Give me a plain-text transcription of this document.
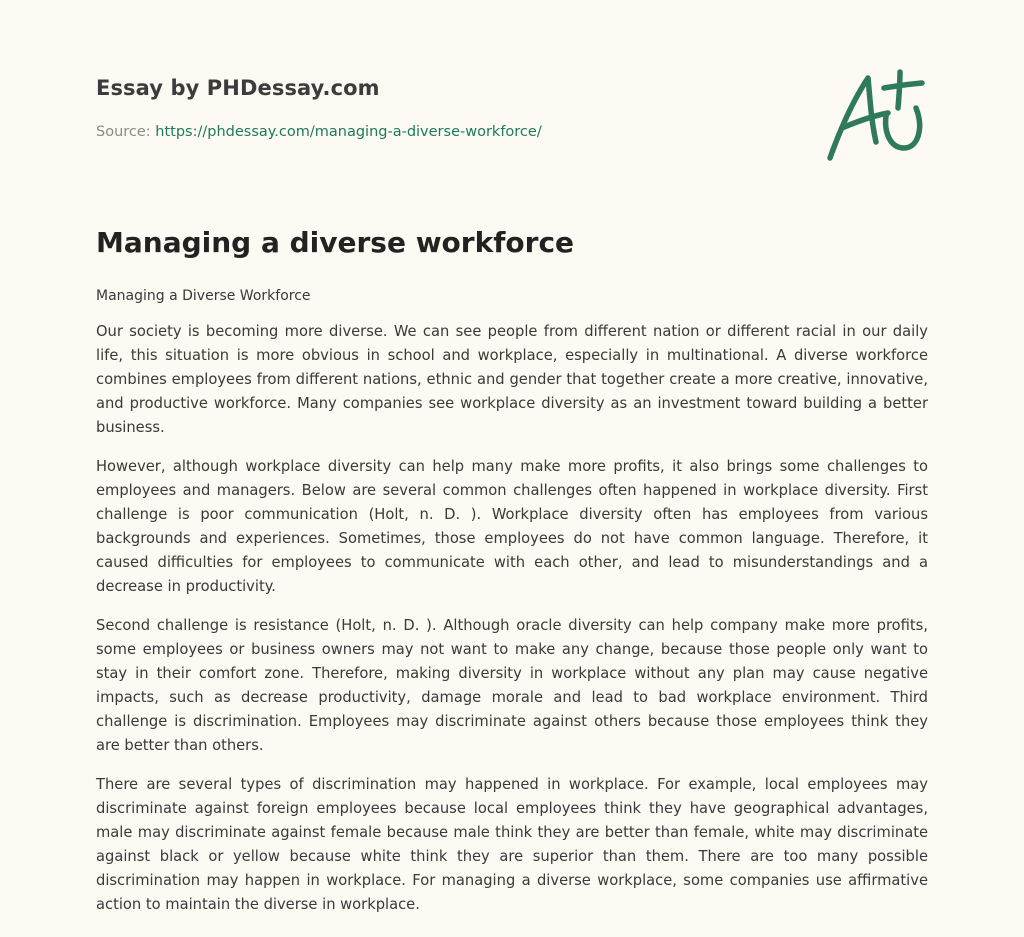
Essay by PHDessay.com
Source: https://phdessay.com/managing-a-diverse-workforce/
Managing a diverse workforce
Managing a Diverse Workforce

Our society is becoming more diverse. We can see people from different nation or different racial in our daily life, this situation is more obvious in school and workplace, especially in multinational. A diverse workforce combines employees from different nations, ethnic and gender that together create a more creative, innovative, and productive workforce. Many companies see workplace diversity as an investment toward building a better business.

However, although workplace diversity can help many make more profits, it also brings some challenges to employees and managers. Below are several common challenges often happened in workplace diversity. First challenge is poor communication (Holt, n. D. ). Workplace diversity often has employees from various backgrounds and experiences. Sometimes, those employees do not have common language. Therefore, it caused difficulties for employees to communicate with each other, and lead to misunderstandings and a decrease in productivity.

Second challenge is resistance (Holt, n. D. ). Although oracle diversity can help company make more profits, some employees or business owners may not want to make any change, because those people only want to stay in their comfort zone. Therefore, making diversity in workplace without any plan may cause negative impacts, such as decrease productivity, damage morale and lead to bad workplace environment. Third challenge is discrimination. Employees may discriminate against others because those employees think they are better than others.

There are several types of discrimination may happened in workplace. For example, local employees may discriminate against foreign employees because local employees think they have geographical advantages, male may discriminate against female because male think they are better than female, white may discriminate against black or yellow because white think they are superior than them. There are too many possible discrimination may happen in workplace. For managing a diverse workplace, some companies use affirmative action to maintain the diverse in workplace.
